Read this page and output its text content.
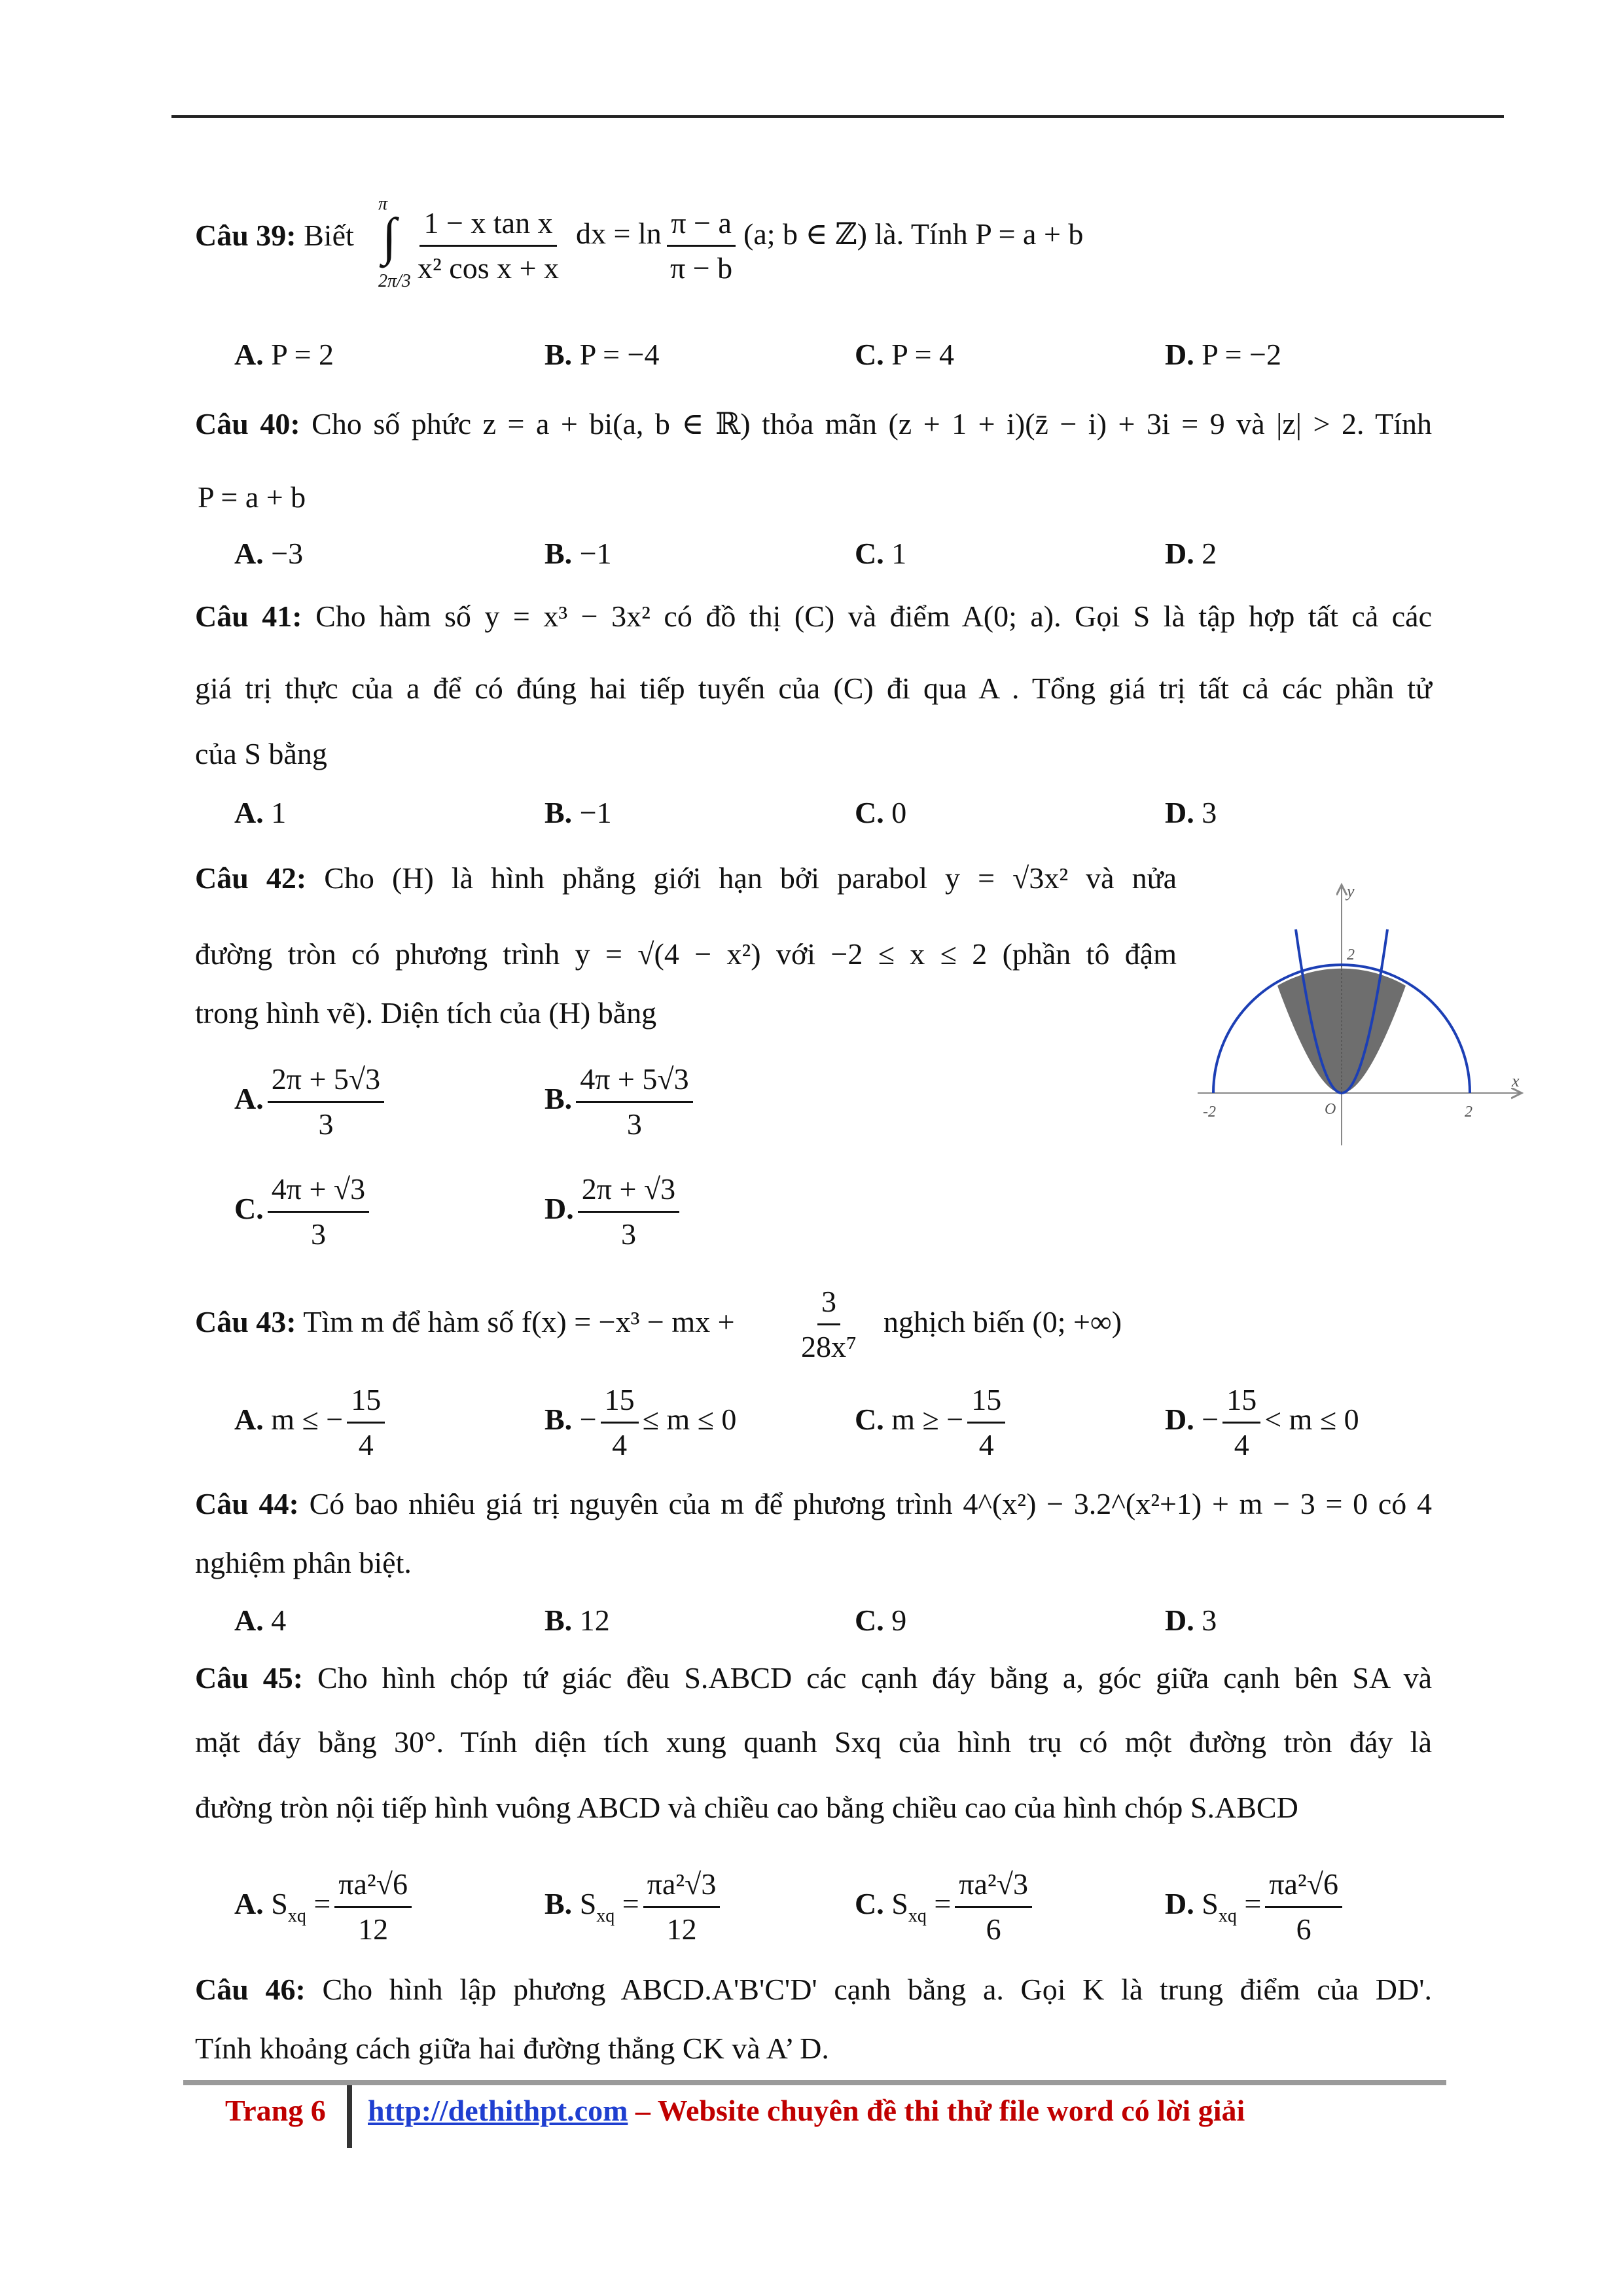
Câu 39: Biết
π
∫
$2\pi/3 \frac{\text{1 − x tan x}}{\text{x² cos x + x}}$ dx = $\ln \frac{\pi - a}{\pi - b} (a$; b ∈ ℤ) là. Tính P = a + b
A. P = 2	B. P = −4	C. P = 4	D. P = −2
Câu 40: Cho số phức z = a + bi(a, b ∈ ℝ) thỏa mãn (z + 1 + i)(z̄ − i) + 3i = 9 và |z| > 2. Tính
P = a + b
A. −3	B. −1	C. 1	D. 2
Câu 41: Cho hàm số y = x³ − 3x² có đồ thị (C) và điểm A(0; a). Gọi S là tập hợp tất cả các
giá trị thực của a để có đúng hai tiếp tuyến của (C) đi qua A . Tổng giá trị tất cả các phần tử
của S bằng
A. 1	B. −1	C. 0	D. 3
Câu 42: Cho (H) là hình phẳng giới hạn bởi parabol y = √3x² và nửa
đường tròn có phương trình y = √(4 − x²) với −2 ≤ x ≤ 2 (phần tô đậm
trong hình vẽ). Diện tích của (H) bằng
A. $\frac{2\pi + 5√3}{3}$	B. $\frac{4\pi + 5√3}{3}$
C. $\frac{4\pi + √3}{3}$	D. $\frac{2\pi + √3}{3}$
y
x
-2	2
2
O
Câu 43: Tìm m để hàm số f(x) = −x³ − mx + $\frac{3}{\text{28x⁷}}$ nghịch biến (0; +∞)
A. m ≤ − $\frac{15}{4}$	B. − $\frac{15}{4} \le m \le 0$	C. m ≥ − $\frac{15}{4}$	D. − $\frac{15}{4} < m \le 0$
Câu 44: Có bao nhiêu giá trị nguyên của m để phương trình 4^(x²) − 3.2^(x²+1) + m − 3 = 0 có 4
nghiệm phân biệt.
A. 4	B. 12	C. 9	D. 3
Câu 45: Cho hình chóp tứ giác đều S.ABCD các cạnh đáy bằng a, góc giữa cạnh bên SA và
mặt đáy bằng 30°. Tính diện tích xung quanh Sxq của hình trụ có một đường tròn đáy là
đường tròn nội tiếp hình vuông ABCD và chiều cao bằng chiều cao của hình chóp S.ABCD
A. $S_{xq} = \frac{\text{πa²√6}}{12}$	B. $S_{xq} = \frac{\text{πa²√3}}{12}$	C. $S_{xq} = \frac{\text{πa²√3}}{6}$	D. $S_{xq} = \frac{\text{πa²√6}}{6}$
Câu 46: Cho hình lập phương ABCD.A'B'C'D' cạnh bằng a. Gọi K là trung điểm của DD'.
Tính khoảng cách giữa hai đường thẳng CK và A’ D.
Trang 6 http://dethithpt.com – Website chuyên đề thi thử file word có lời giải
